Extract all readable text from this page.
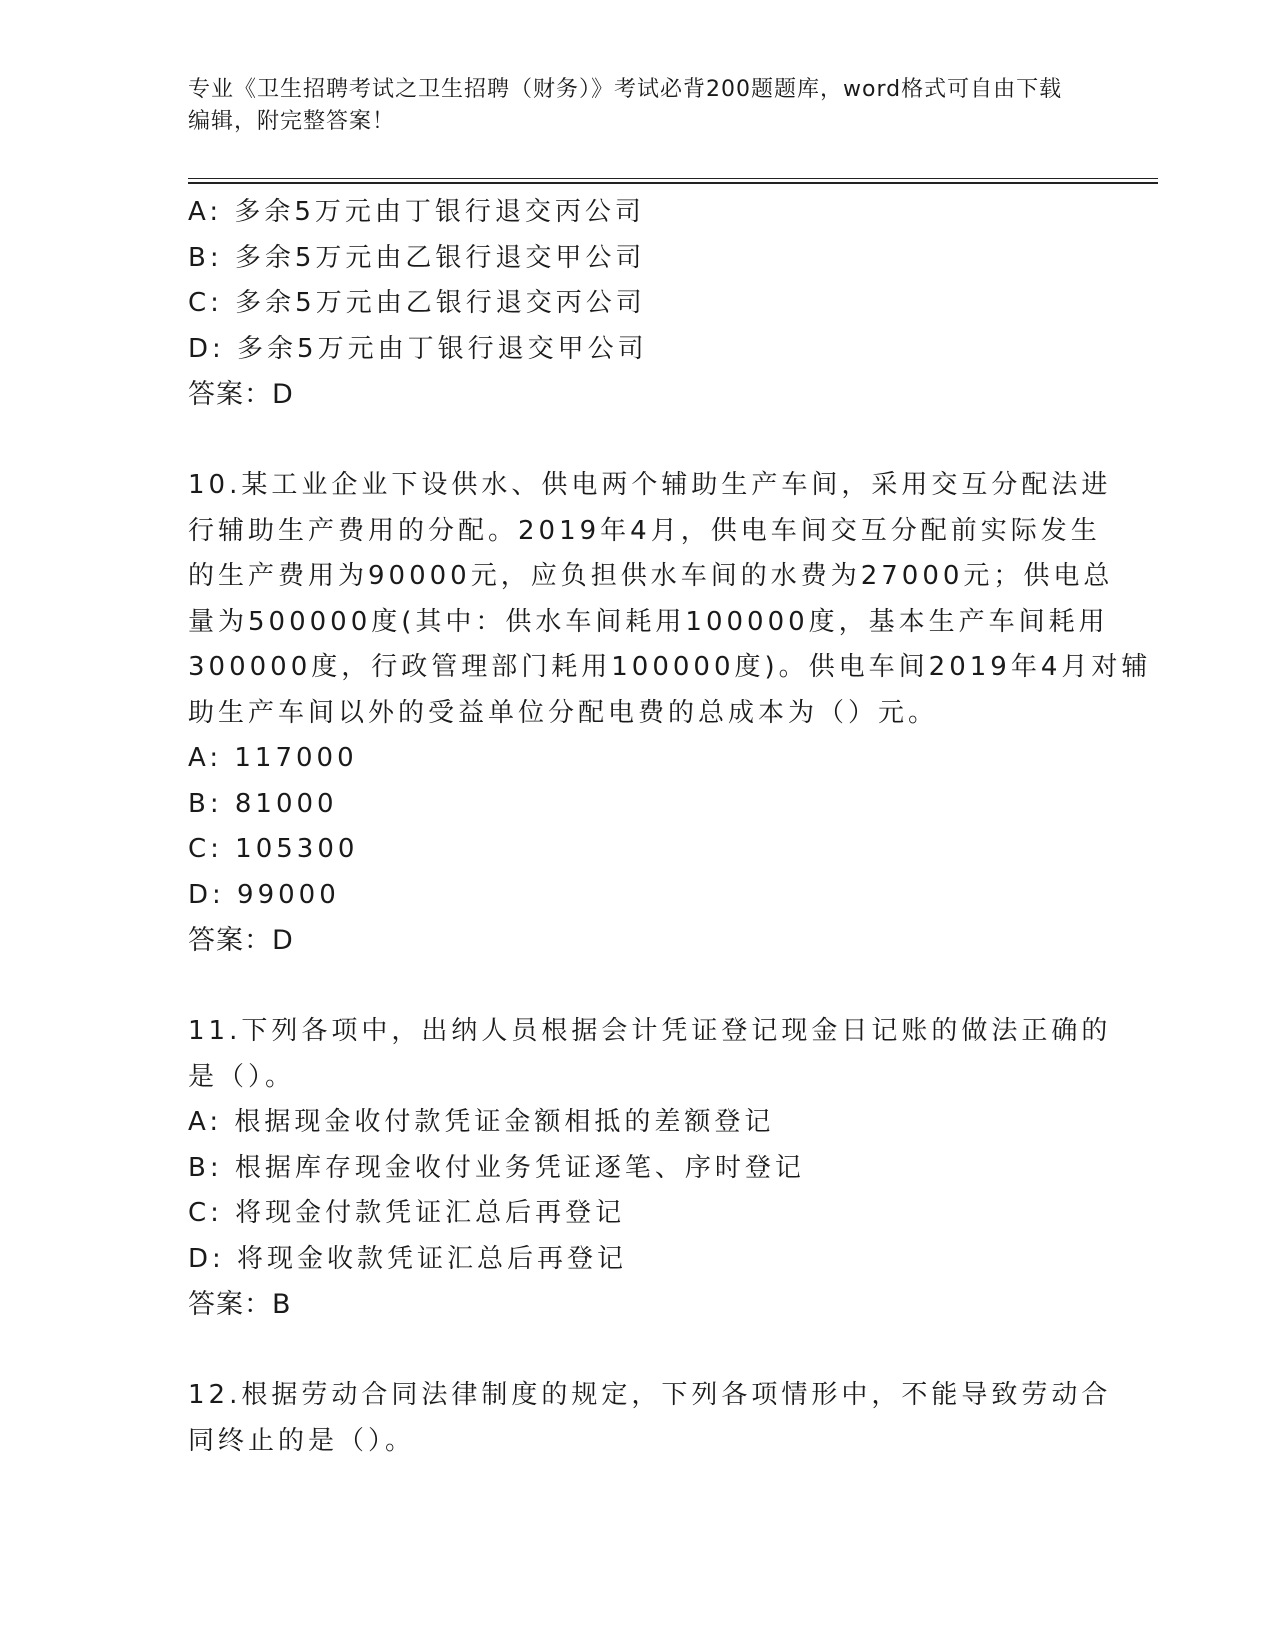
专业《卫生招聘考试之卫生招聘（财务）》考试必背200题题库，word格式可自由下载编辑，附完整答案！

A: 多余5万元由丁银行退交丙公司

B: 多余5万元由乙银行退交甲公司

C: 多余5万元由乙银行退交丙公司

D: 多余5万元由丁银行退交甲公司

答案：D

10.某工业企业下设供水、供电两个辅助生产车间，采用交互分配法进

行辅助生产费用的分配。2019年4月，供电车间交互分配前实际发生

的生产费用为90000元，应负担供水车间的水费为27000元；供电总

量为500000度(其中：供水车间耗用100000度，基本生产车间耗用

300000度，行政管理部门耗用100000度)。供电车间2019年4月对辅

助生产车间以外的受益单位分配电费的总成本为（）元。

A: 117000

B: 81000

C: 105300

D: 99000

答案：D

11.下列各项中，出纳人员根据会计凭证登记现金日记账的做法正确的

是（）。

A: 根据现金收付款凭证金额相抵的差额登记

B: 根据库存现金收付业务凭证逐笔、序时登记

C: 将现金付款凭证汇总后再登记

D: 将现金收款凭证汇总后再登记

答案：B

12.根据劳动合同法律制度的规定，下列各项情形中，不能导致劳动合

同终止的是（）。
